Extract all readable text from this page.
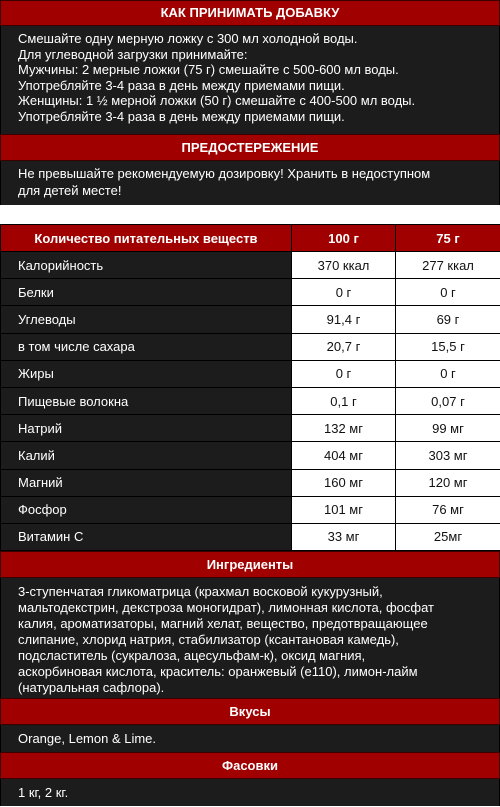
КАК ПРИНИМАТЬ ДОБАВКУ
Смешайте одну мерную ложку с 300 мл холодной воды.
Для углеводной загрузки принимайте:
Мужчины: 2 мерные ложки (75 г) смешайте с 500-600 мл воды.
Употребляйте 3-4 раза в день между приемами пищи.
Женщины: 1 ½ мерной ложки (50 г) смешайте с 400-500 мл воды.
Употребляйте 3-4 раза в день между приемами пищи.
ПРЕДОСТЕРЕЖЕНИЕ
Не превышайте рекомендуемую дозировку! Хранить в недоступном
для детей месте!
Количество питательных веществ	100 г	75 г
Калорийность	370 ккал	277 ккал
Белки	0 г	0 г
Углеводы	91,4 г	69 г
в том числе сахара	20,7 г	15,5 г
Жиры	0 г	0 г
Пищевые волокна	0,1 г	0,07 г
Натрий	132 мг	99 мг
Калий	404 мг	303 мг
Магний	160 мг	120 мг
Фосфор	101 мг	76 мг
Витамин С	33 мг	25мг
Ингредиенты
3-ступенчатая гликоматрица (крахмал восковой кукурузный,
мальтодекстрин, декстроза моногидрат), лимонная кислота, фосфат
калия, ароматизаторы, магний хелат, вещество, предотвращающее
слипание, хлорид натрия, стабилизатор (ксантановая камедь),
подсластитель (сукралоза, ацесульфам-к), оксид магния,
аскорбиновая кислота, краситель: оранжевый (е110), лимон-лайм
(натуральная сафлора).
Вкусы
Orange, Lemon & Lime.
Фасовки
1 кг, 2 кг.
